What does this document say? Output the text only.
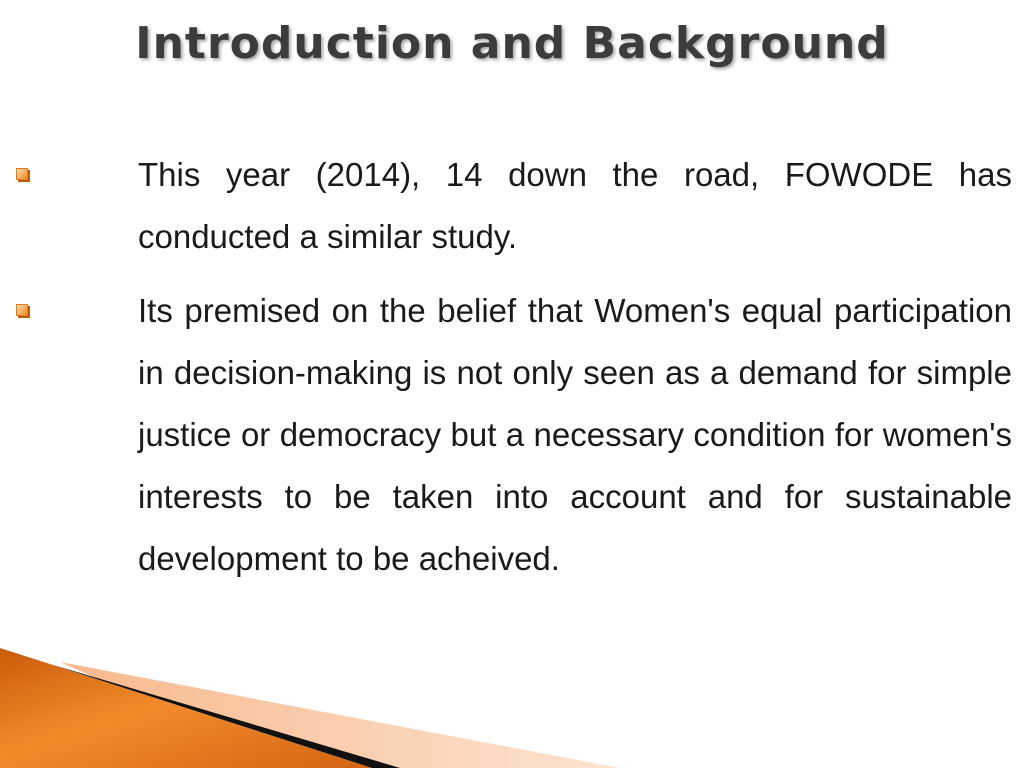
Introduction and Background
This year (2014), 14 down the road, FOWODE has conducted a similar study.
Its premised on the belief that Women's equal participation in decision-making is not only seen as a demand for simple justice or democracy but a necessary condition for women's interests to be taken into account and for sustainable development to be acheived.
